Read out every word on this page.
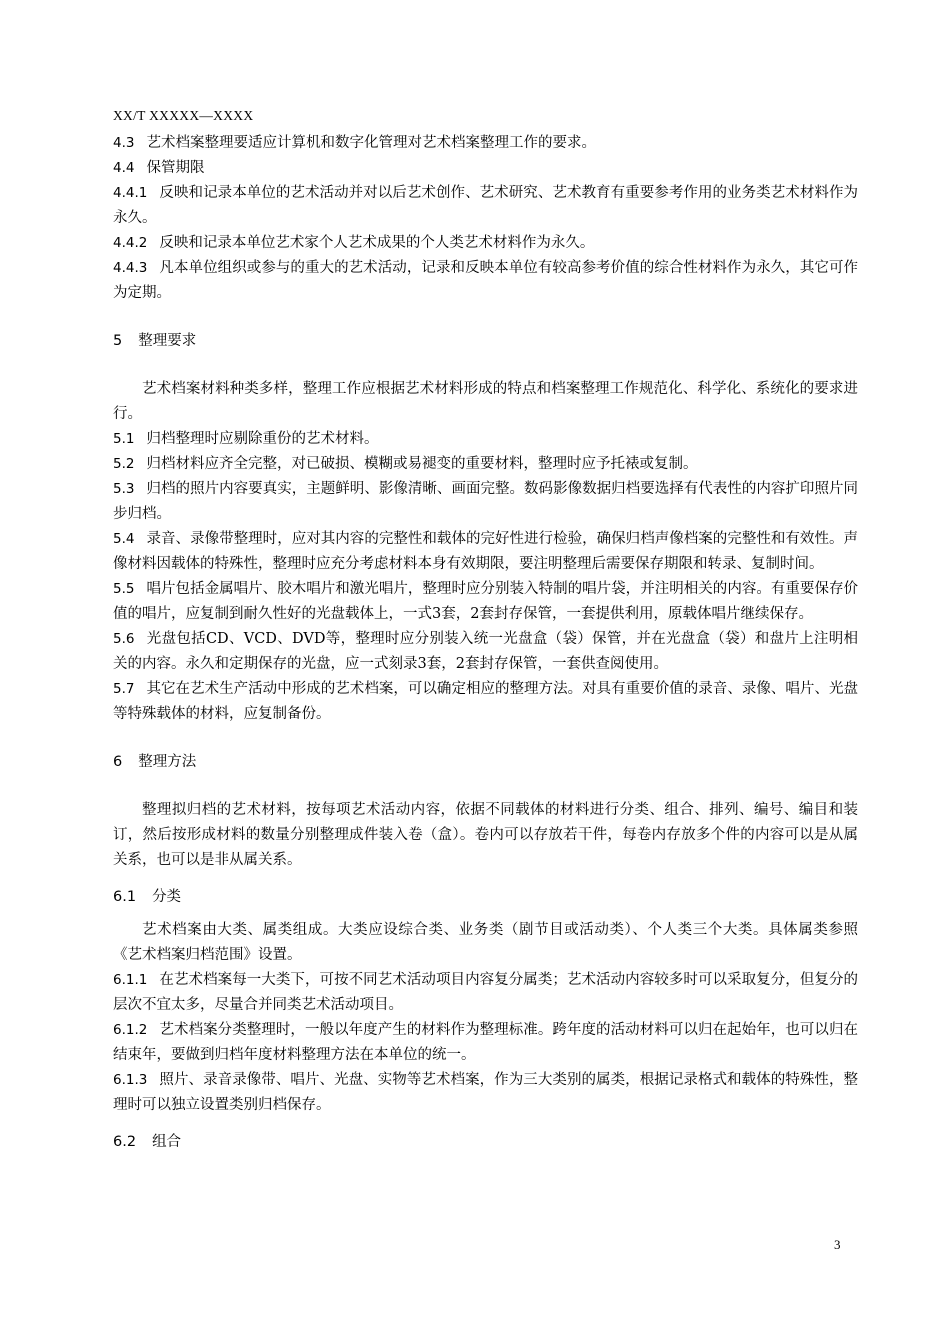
XX/T XXXXX—XXXX

4.3 艺术档案整理要适应计算机和数字化管理对艺术档案整理工作的要求。

4.4 保管期限

4.4.1 反映和记录本单位的艺术活动并对以后艺术创作、艺术研究、艺术教育有重要参考作用的业务类艺术材料作为永久。

4.4.2 反映和记录本单位艺术家个人艺术成果的个人类艺术材料作为永久。

4.4.3 凡本单位组织或参与的重大的艺术活动，记录和反映本单位有较高参考价值的综合性材料作为永久，其它可作为定期。

5 整理要求

艺术档案材料种类多样，整理工作应根据艺术材料形成的特点和档案整理工作规范化、科学化、系统化的要求进行。

5.1 归档整理时应剔除重份的艺术材料。

5.2 归档材料应齐全完整，对已破损、模糊或易褪变的重要材料，整理时应予托裱或复制。

5.3 归档的照片内容要真实，主题鲜明、影像清晰、画面完整。数码影像数据归档要选择有代表性的内容扩印照片同步归档。

5.4 录音、录像带整理时，应对其内容的完整性和载体的完好性进行检验，确保归档声像档案的完整性和有效性。声像材料因载体的特殊性，整理时应充分考虑材料本身有效期限，要注明整理后需要保存期限和转录、复制时间。

5.5 唱片包括金属唱片、胶木唱片和激光唱片，整理时应分别装入特制的唱片袋，并注明相关的内容。有重要保存价值的唱片，应复制到耐久性好的光盘载体上，一式3套，2套封存保管，一套提供利用，原载体唱片继续保存。

5.6 光盘包括CD、VCD、DVD等，整理时应分别装入统一光盘盒（袋）保管，并在光盘盒（袋）和盘片上注明相关的内容。永久和定期保存的光盘，应一式刻录3套，2套封存保管，一套供查阅使用。

5.7 其它在艺术生产活动中形成的艺术档案，可以确定相应的整理方法。对具有重要价值的录音、录像、唱片、光盘等特殊载体的材料，应复制备份。

6 整理方法

整理拟归档的艺术材料，按每项艺术活动内容，依据不同载体的材料进行分类、组合、排列、编号、编目和装订，然后按形成材料的数量分别整理成件装入卷（盒）。卷内可以存放若干件，每卷内存放多个件的内容可以是从属关系，也可以是非从属关系。

6.1 分类

艺术档案由大类、属类组成。大类应设综合类、业务类（剧节目或活动类）、个人类三个大类。具体属类参照《艺术档案归档范围》设置。

6.1.1 在艺术档案每一大类下，可按不同艺术活动项目内容复分属类；艺术活动内容较多时可以采取复分，但复分的层次不宜太多，尽量合并同类艺术活动项目。

6.1.2 艺术档案分类整理时，一般以年度产生的材料作为整理标准。跨年度的活动材料可以归在起始年，也可以归在结束年，要做到归档年度材料整理方法在本单位的统一。

6.1.3 照片、录音录像带、唱片、光盘、实物等艺术档案，作为三大类别的属类，根据记录格式和载体的特殊性，整理时可以独立设置类别归档保存。

6.2 组合

3
